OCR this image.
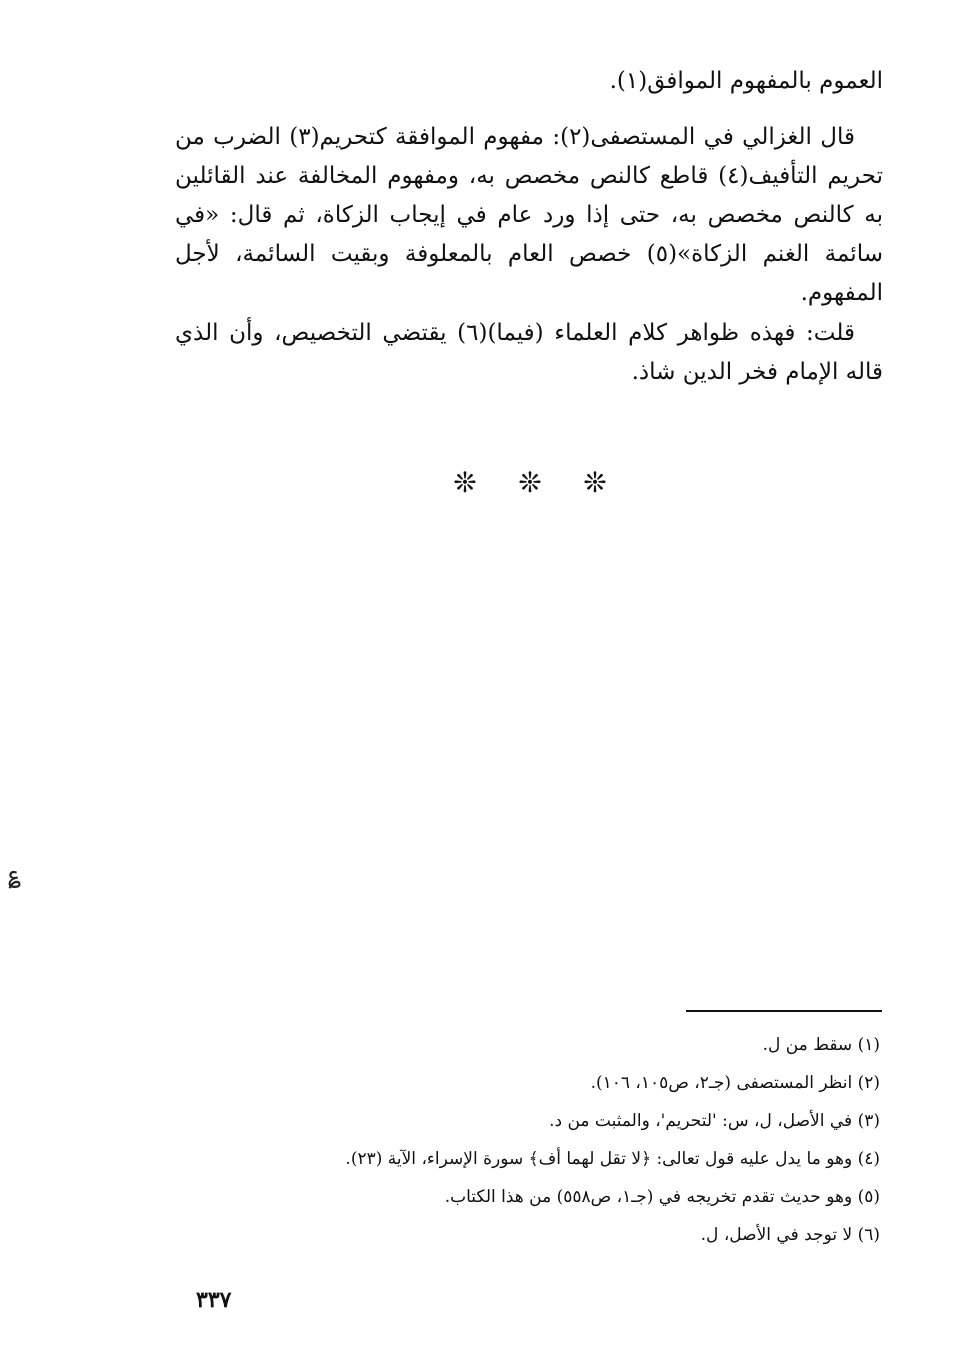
العموم بالمفهوم الموافق(١).

قال الغزالي في المستصفى(٢): مفهوم الموافقة كتحريم(٣) الضرب من تحريم التأفيف(٤) قاطع كالنص مخصص به، ومفهوم المخالفة عند القائلين به كالنص مخصص به، حتى إذا ورد عام في إيجاب الزكاة، ثم قال: «في سائمة الغنم الزكاة»(٥) خصص العام بالمعلوفة وبقيت السائمة، لأجل المفهوم.

قلت: فهذه ظواهر كلام العلماء (فيما)(٦) يقتضي التخصيص، وأن الذي قاله الإمام فخر الدين شاذ.

❊ ❊ ❊
؏
(١) سقط من ل.
(٢) انظر المستصفى (جـ٢، ص١٠٥، ١٠٦).
(٣) في الأصل، ل، س: 'لتحريم'، والمثبت من د.
(٤) وهو ما يدل عليه قول تعالى: ﴿لا تقل لهما أف﴾ سورة الإسراء، الآية (٢٣).
(٥) وهو حديث تقدم تخريجه في (جـ١، ص٥٥٨) من هذا الكتاب.
(٦) لا توجد في الأصل، ل.
٣٣٧
